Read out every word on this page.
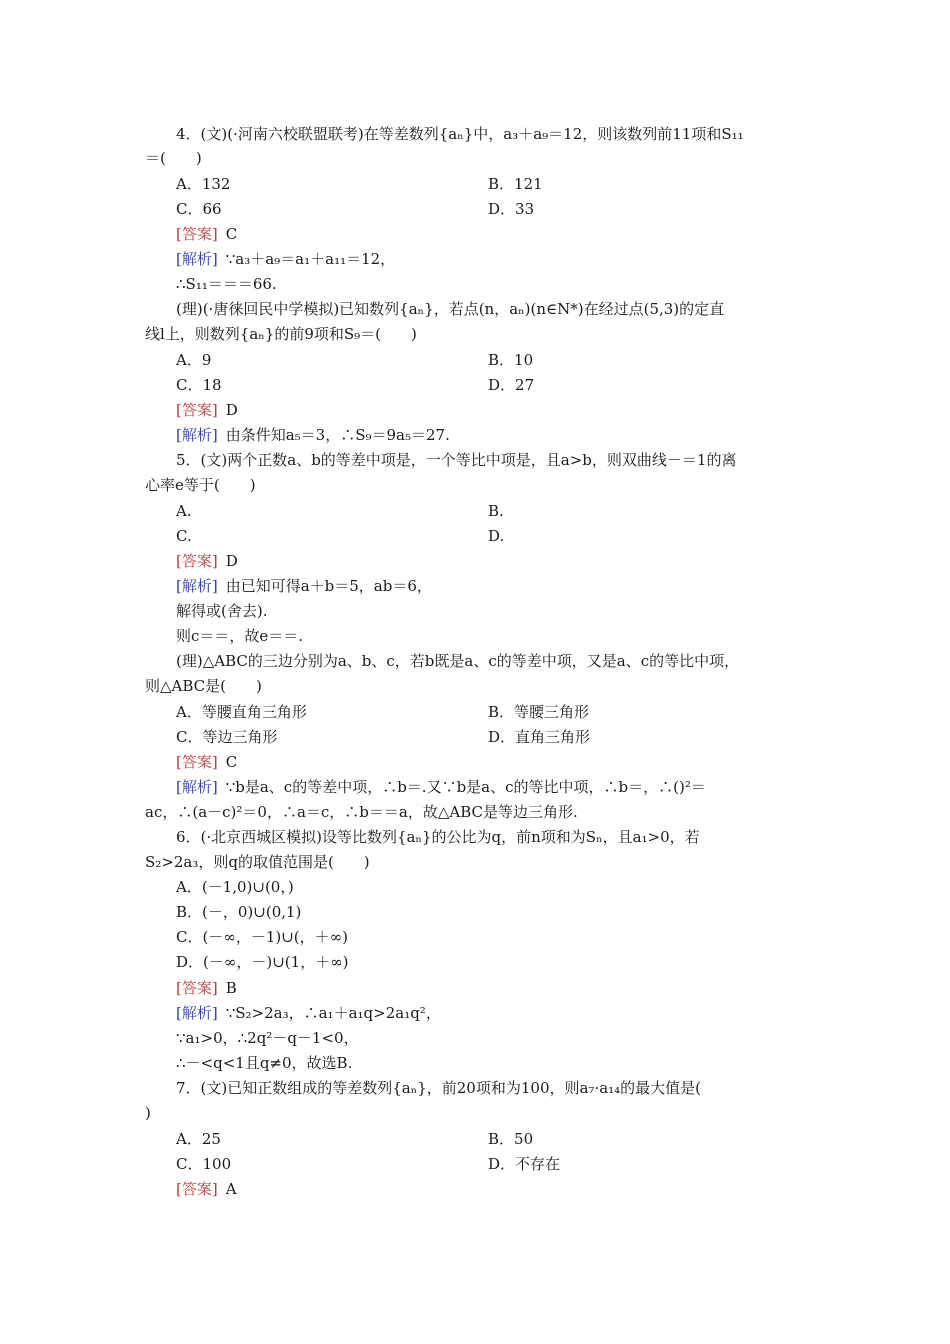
4．(文)(·河南六校联盟联考)在等差数列{aₙ}中，a₃＋a₉＝12，则该数列前11项和S₁₁
＝(　　)
A．132	B．121
C．66	D．33
[答案] C
[解析] ∵a₃＋a₉＝a₁＋a₁₁＝12，
∴S₁₁＝＝＝66.
(理)(·唐徕回民中学模拟)已知数列{aₙ}，若点(n，aₙ)(n∈N*)在经过点(5,3)的定直
线l上，则数列{aₙ}的前9项和S₉＝(　　)
A．9	B．10
C．18	D．27
[答案] D
[解析] 由条件知a₅＝3，∴S₉＝9a₅＝27.
5．(文)两个正数a、b的等差中项是，一个等比中项是，且a>b，则双曲线－＝1的离
心率e等于(　　)
A.	B.
C.	D.
[答案] D
[解析] 由已知可得a＋b＝5，ab＝6，
解得或(舍去).
则c＝＝，故e＝＝.
(理)△ABC的三边分别为a、b、c，若b既是a、c的等差中项，又是a、c的等比中项，
则△ABC是(　　)
A．等腰直角三角形	B．等腰三角形
C．等边三角形	D．直角三角形
[答案] C
[解析] ∵b是a、c的等差中项，∴b＝.又∵b是a、c的等比中项，∴b＝，∴()²＝
ac，∴(a－c)²＝0，∴a＝c，∴b＝＝a，故△ABC是等边三角形.
6．(·北京西城区模拟)设等比数列{aₙ}的公比为q，前n项和为Sₙ，且a₁>0，若
S₂>2a₃，则q的取值范围是(　　)
A．(－1,0)∪(0，)
B．(－，0)∪(0,1)
C．(－∞，－1)∪(，＋∞)
D．(－∞，－)∪(1，＋∞)
[答案] B
[解析] ∵S₂>2a₃，∴a₁＋a₁q>2a₁q²，
∵a₁>0，∴2q²－q－1<0，
∴－<q<1且q≠0，故选B.
7．(文)已知正数组成的等差数列{aₙ}，前20项和为100，则a₇·a₁₄的最大值是(
)
A．25	B．50
C．100	D．不存在
[答案] A
